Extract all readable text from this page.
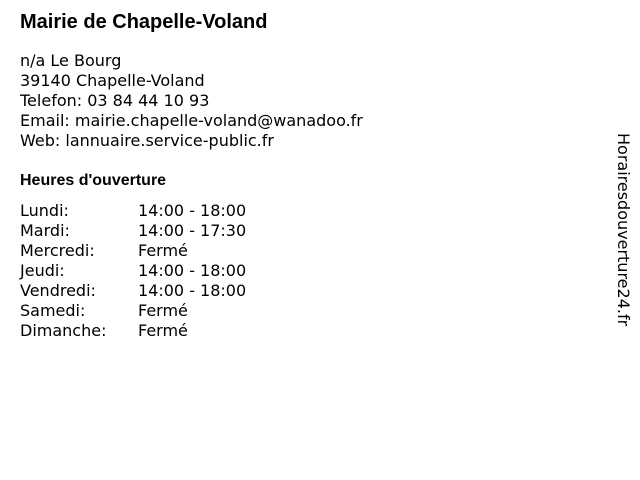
Mairie de Chapelle-Voland
n/a Le Bourg
39140 Chapelle-Voland
Telefon: 03 84 44 10 93
Email: mairie.chapelle-voland@wanadoo.fr
Web: lannuaire.service-public.fr
Heures d'ouverture
Lundi:	14:00 - 18:00
Mardi:	14:00 - 17:30
Mercredi:	Fermé
Jeudi:	14:00 - 18:00
Vendredi:	14:00 - 18:00
Samedi:	Fermé
Dimanche:	Fermé
Horairesdouverture24.fr
